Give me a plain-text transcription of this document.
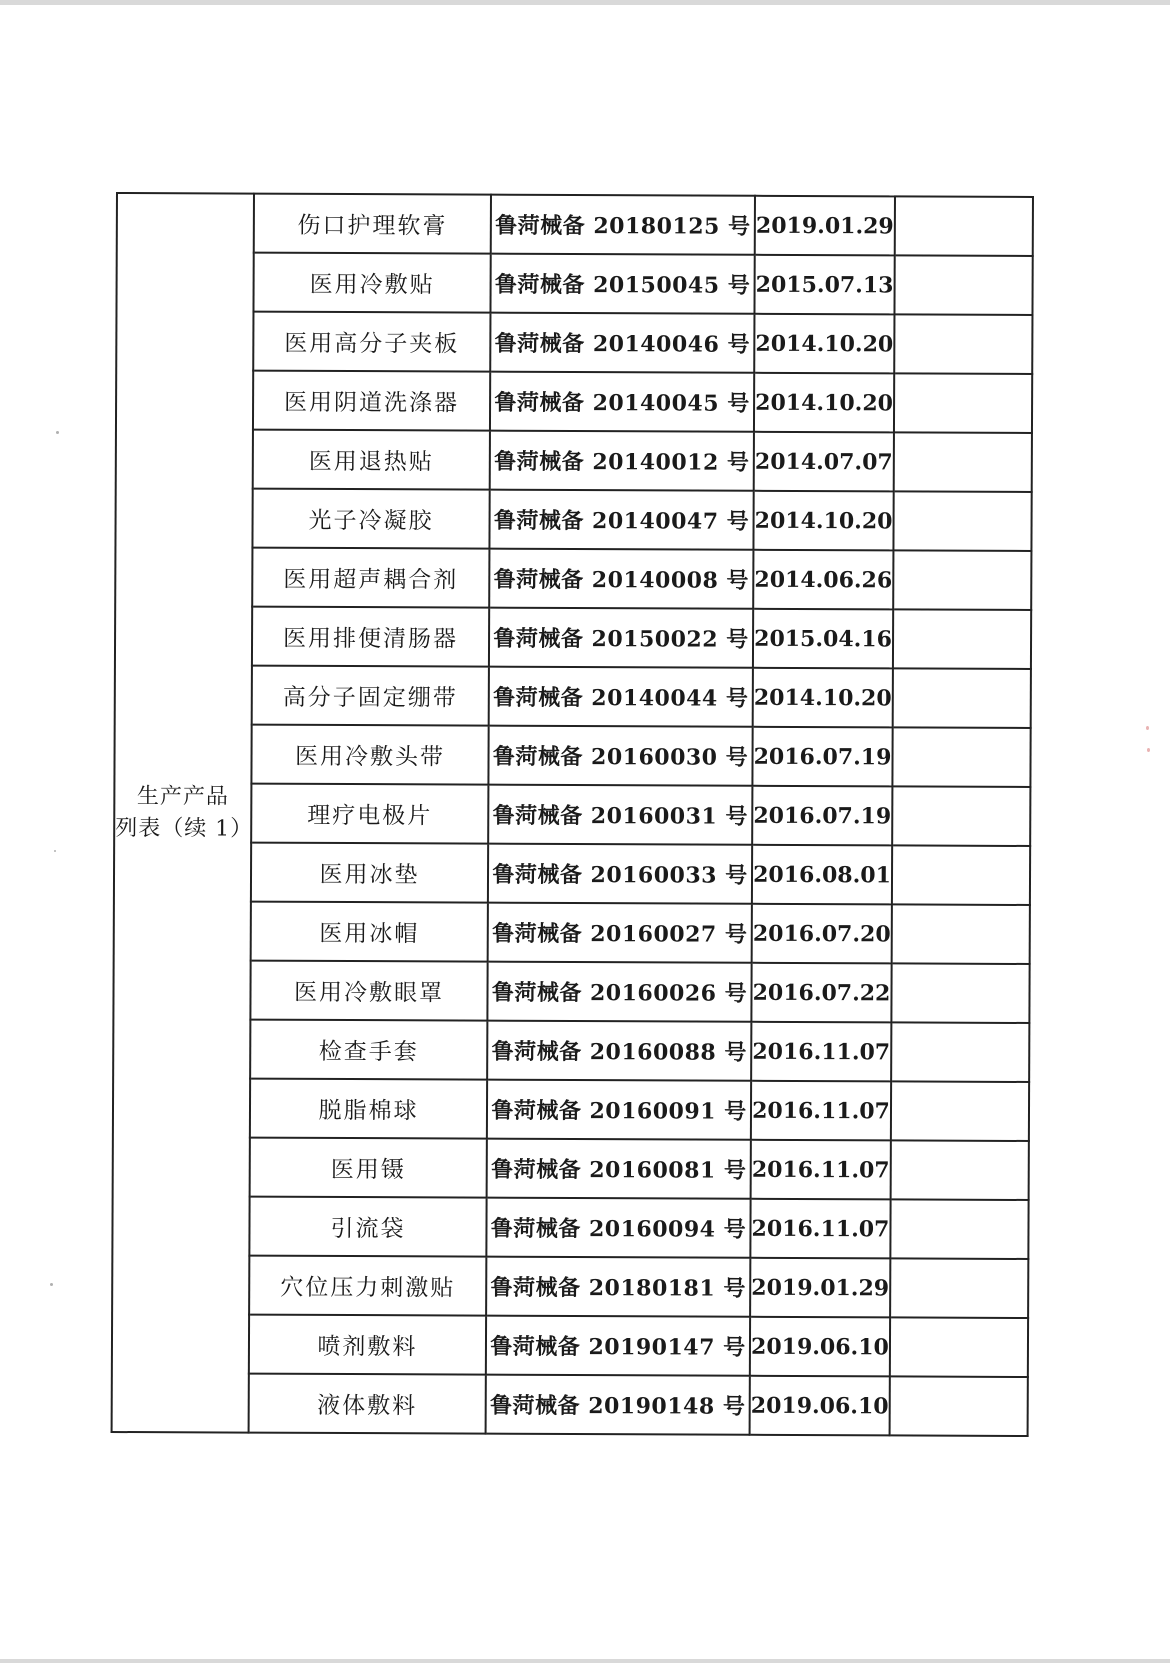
生产产品
列表（续 1）	伤口护理软膏	鲁菏械备 20180125 号	2019.01.29	
	医用冷敷贴	鲁菏械备 20150045 号	2015.07.13	
	医用高分子夹板	鲁菏械备 20140046 号	2014.10.20	
	医用阴道洗涤器	鲁菏械备 20140045 号	2014.10.20	
	医用退热贴	鲁菏械备 20140012 号	2014.07.07	
	光子冷凝胶	鲁菏械备 20140047 号	2014.10.20	
	医用超声耦合剂	鲁菏械备 20140008 号	2014.06.26	
	医用排便清肠器	鲁菏械备 20150022 号	2015.04.16	
	高分子固定绷带	鲁菏械备 20140044 号	2014.10.20	
	医用冷敷头带	鲁菏械备 20160030 号	2016.07.19	
	理疗电极片	鲁菏械备 20160031 号	2016.07.19	
	医用冰垫	鲁菏械备 20160033 号	2016.08.01	
	医用冰帽	鲁菏械备 20160027 号	2016.07.20	
	医用冷敷眼罩	鲁菏械备 20160026 号	2016.07.22	
	检查手套	鲁菏械备 20160088 号	2016.11.07	
	脱脂棉球	鲁菏械备 20160091 号	2016.11.07	
	医用镊	鲁菏械备 20160081 号	2016.11.07	
	引流袋	鲁菏械备 20160094 号	2016.11.07	
	穴位压力刺激贴	鲁菏械备 20180181 号	2019.01.29	
	喷剂敷料	鲁菏械备 20190147 号	2019.06.10	
	液体敷料	鲁菏械备 20190148 号	2019.06.10	
